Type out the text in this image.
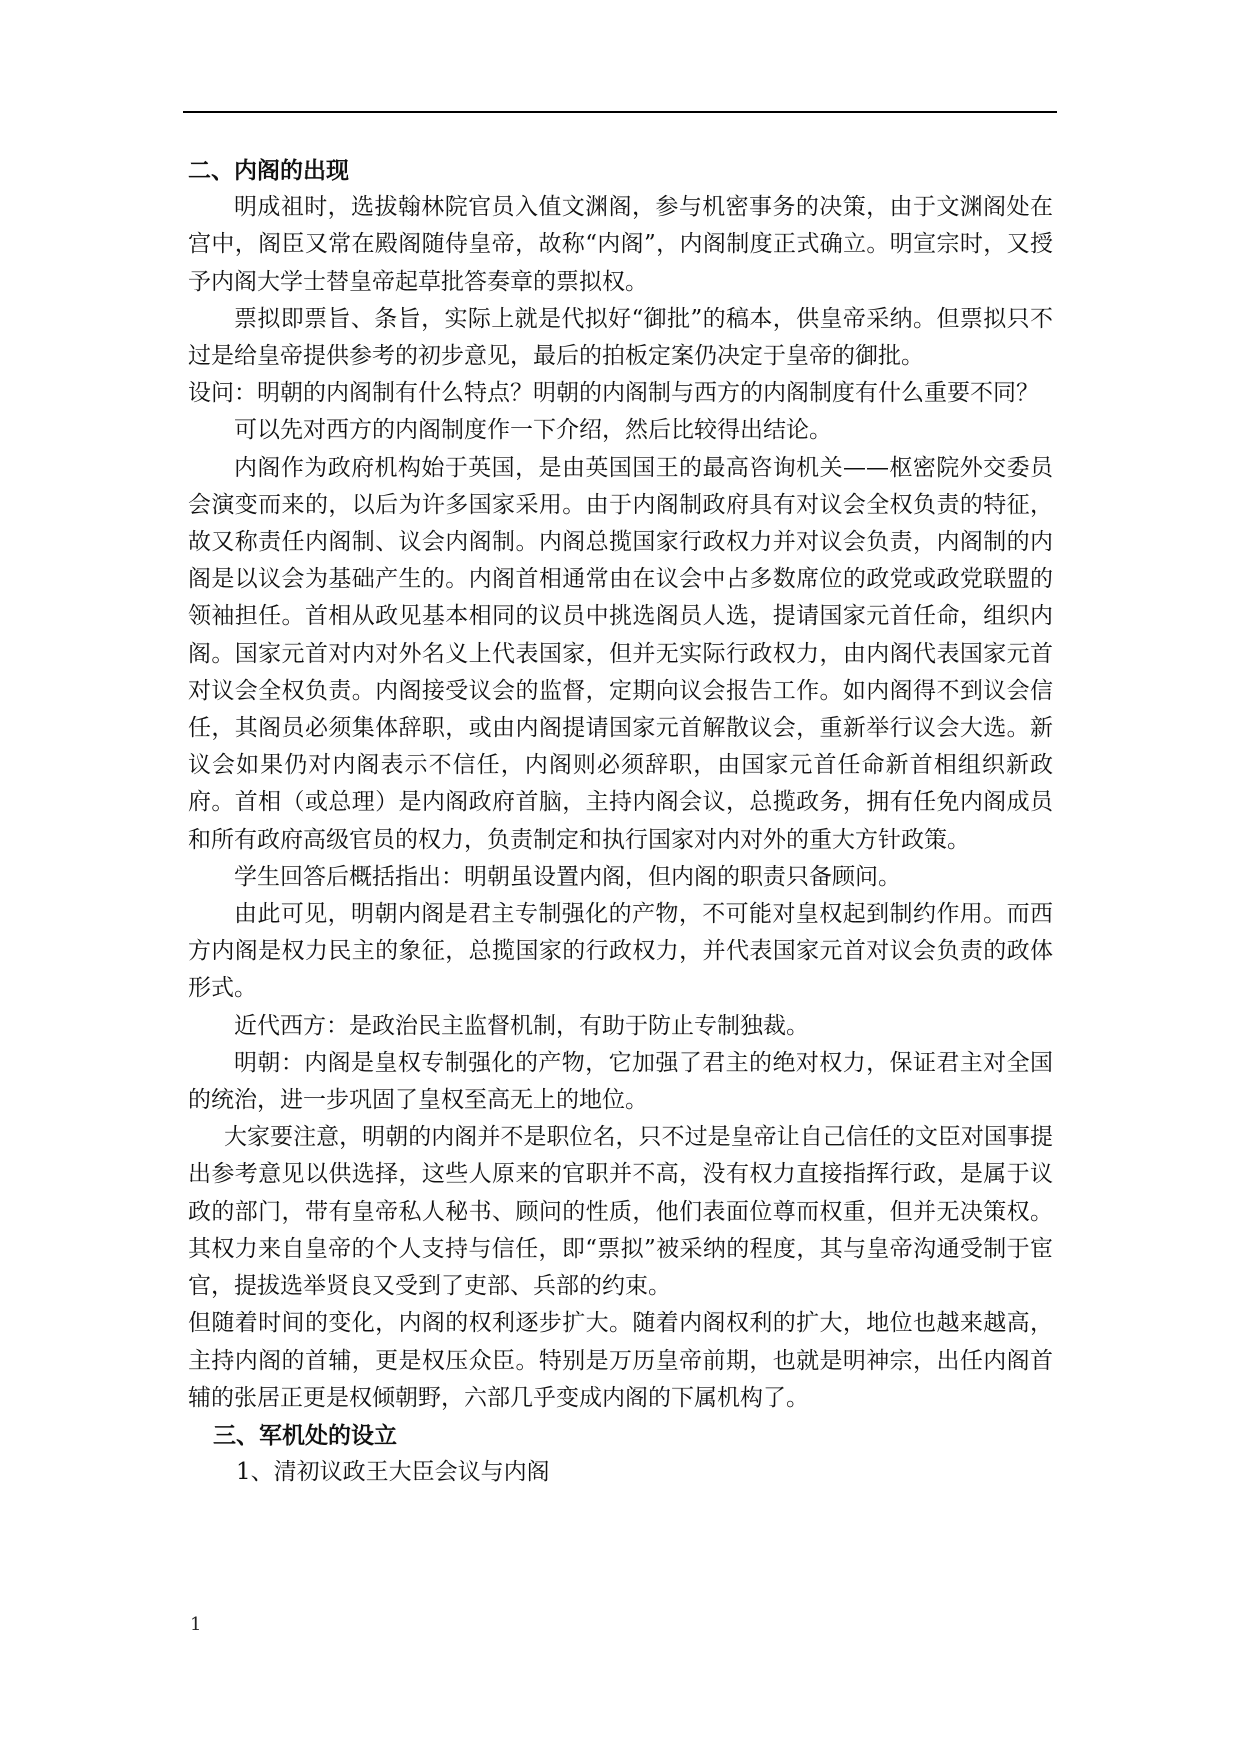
二、内阁的出现

明成祖时，选拔翰林院官员入值文渊阁，参与机密事务的决策，由于文渊阁处在宫中，阁臣又常在殿阁随侍皇帝，故称“内阁”，内阁制度正式确立。明宣宗时，又授予内阁大学士替皇帝起草批答奏章的票拟权。

票拟即票旨、条旨，实际上就是代拟好“御批”的稿本，供皇帝采纳。但票拟只不过是给皇帝提供参考的初步意见，最后的拍板定案仍决定于皇帝的御批。

设问：明朝的内阁制有什么特点？明朝的内阁制与西方的内阁制度有什么重要不同？

可以先对西方的内阁制度作一下介绍，然后比较得出结论。

内阁作为政府机构始于英国，是由英国国王的最高咨询机关——枢密院外交委员会演变而来的，以后为许多国家采用。由于内阁制政府具有对议会全权负责的特征，故又称责任内阁制、议会内阁制。内阁总揽国家行政权力并对议会负责，内阁制的内阁是以议会为基础产生的。内阁首相通常由在议会中占多数席位的政党或政党联盟的领袖担任。首相从政见基本相同的议员中挑选阁员人选，提请国家元首任命，组织内阁。国家元首对内对外名义上代表国家，但并无实际行政权力，由内阁代表国家元首对议会全权负责。内阁接受议会的监督，定期向议会报告工作。如内阁得不到议会信任，其阁员必须集体辞职，或由内阁提请国家元首解散议会，重新举行议会大选。新议会如果仍对内阁表示不信任，内阁则必须辞职，由国家元首任命新首相组织新政府。首相（或总理）是内阁政府首脑，主持内阁会议，总揽政务，拥有任免内阁成员和所有政府高级官员的权力，负责制定和执行国家对内对外的重大方针政策。

学生回答后概括指出：明朝虽设置内阁，但内阁的职责只备顾问。

由此可见，明朝内阁是君主专制强化的产物，不可能对皇权起到制约作用。而西方内阁是权力民主的象征，总揽国家的行政权力，并代表国家元首对议会负责的政体形式。

近代西方：是政治民主监督机制，有助于防止专制独裁。

明朝：内阁是皇权专制强化的产物，它加强了君主的绝对权力，保证君主对全国的统治，进一步巩固了皇权至高无上的地位。

大家要注意，明朝的内阁并不是职位名，只不过是皇帝让自己信任的文臣对国事提出参考意见以供选择，这些人原来的官职并不高，没有权力直接指挥行政，是属于议政的部门，带有皇帝私人秘书、顾问的性质，他们表面位尊而权重，但并无决策权。其权力来自皇帝的个人支持与信任，即“票拟”被采纳的程度，其与皇帝沟通受制于宦官，提拔选举贤良又受到了吏部、兵部的约束。

但随着时间的变化，内阁的权利逐步扩大。随着内阁权利的扩大，地位也越来越高，主持内阁的首辅，更是权压众臣。特别是万历皇帝前期，也就是明神宗，出任内阁首辅的张居正更是权倾朝野，六部几乎变成内阁的下属机构了。

三、军机处的设立

1、清初议政王大臣会议与内阁

1
